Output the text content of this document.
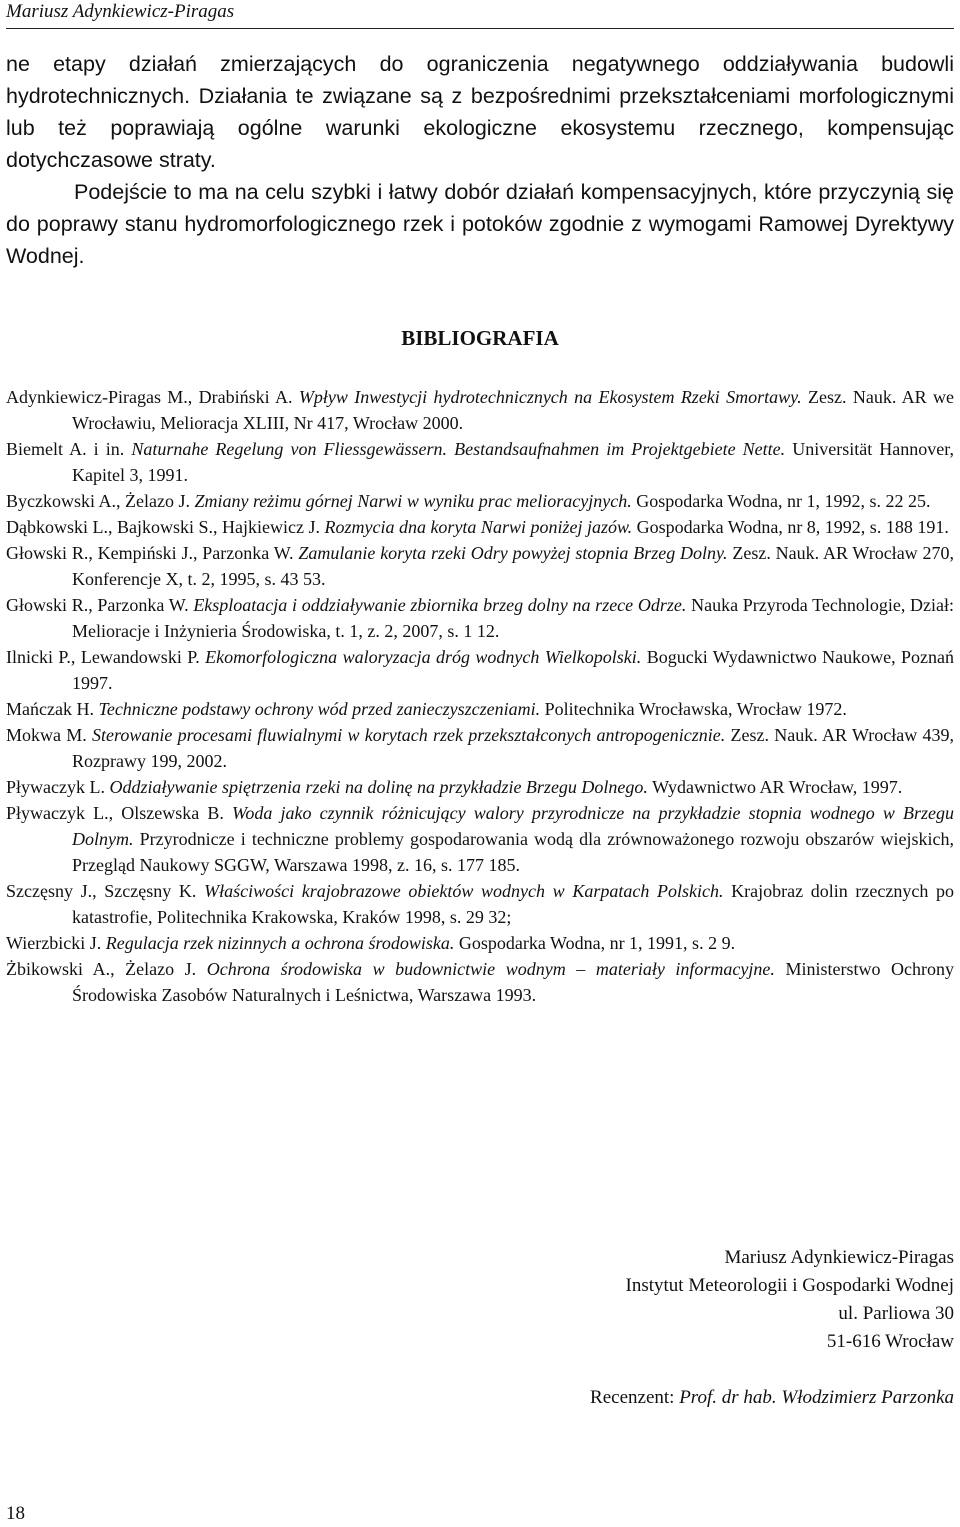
Mariusz Adynkiewicz-Piragas
ne etapy działań zmierzających do ograniczenia negatywnego oddziaływania budowli hydrotechnicznych. Działania te związane są z bezpośrednimi przekształceniami morfologicznymi lub też poprawiają ogólne warunki ekologiczne ekosystemu rzecznego, kompensując dotychczasowe straty.
Podejście to ma na celu szybki i łatwy dobór działań kompensacyjnych, które przyczynią się do poprawy stanu hydromorfologicznego rzek i potoków zgodnie z wymogami Ramowej Dyrektywy Wodnej.
BIBLIOGRAFIA
Adynkiewicz-Piragas M., Drabiński A. Wpływ Inwestycji hydrotechnicznych na Ekosystem Rzeki Smortawy. Zesz. Nauk. AR we Wrocławiu, Melioracja XLIII, Nr 417, Wrocław 2000.
Biemelt A. i in. Naturnahe Regelung von Fliessgewässern. Bestandsaufnahmen im Projektgebiete Nette. Universität Hannover, Kapitel 3, 1991.
Byczkowski A., Żelazo J. Zmiany reżimu górnej Narwi w wyniku prac melioracyjnych. Gospodarka Wodna, nr 1, 1992, s. 22 25.
Dąbkowski L., Bajkowski S., Hajkiewicz J. Rozmycia dna koryta Narwi poniżej jazów. Gospodarka Wodna, nr 8, 1992, s. 188 191.
Głowski R., Kempiński J., Parzonka W. Zamulanie koryta rzeki Odry powyżej stopnia Brzeg Dolny. Zesz. Nauk. AR Wrocław 270, Konferencje X, t. 2, 1995, s. 43 53.
Głowski R., Parzonka W. Eksploatacja i oddziaływanie zbiornika brzeg dolny na rzece Odrze. Nauka Przyroda Technologie, Dział: Melioracje i Inżynieria Środowiska, t. 1, z. 2, 2007, s. 1 12.
Ilnicki P., Lewandowski P. Ekomorfologiczna waloryzacja dróg wodnych Wielkopolski. Bogucki Wydawnictwo Naukowe, Poznań 1997.
Mańczak H. Techniczne podstawy ochrony wód przed zanieczyszczeniami. Politechnika Wrocławska, Wrocław 1972.
Mokwa M. Sterowanie procesami fluwialnymi w korytach rzek przekształconych antropogenicznie. Zesz. Nauk. AR Wrocław 439, Rozprawy 199, 2002.
Pływaczyk L. Oddziaływanie spiętrzenia rzeki na dolinę na przykładzie Brzegu Dolnego. Wydawnictwo AR Wrocław, 1997.
Pływaczyk L., Olszewska B. Woda jako czynnik różnicujący walory przyrodnicze na przykładzie stopnia wodnego w Brzegu Dolnym. Przyrodnicze i techniczne problemy gospodarowania wodą dla zrównoważonego rozwoju obszarów wiejskich, Przegląd Naukowy SGGW, Warszawa 1998, z. 16, s. 177 185.
Szczęsny J., Szczęsny K. Właściwości krajobrazowe obiektów wodnych w Karpatach Polskich. Krajobraz dolin rzecznych po katastrofie, Politechnika Krakowska, Kraków 1998, s. 29 32;
Wierzbicki J. Regulacja rzek nizinnych a ochrona środowiska. Gospodarka Wodna, nr 1, 1991, s. 2 9.
Żbikowski A., Żelazo J. Ochrona środowiska w budownictwie wodnym – materiały informacyjne. Ministerstwo Ochrony Środowiska Zasobów Naturalnych i Leśnictwa, Warszawa 1993.
Mariusz Adynkiewicz-Piragas
Instytut Meteorologii i Gospodarki Wodnej
ul. Parliowa 30
51-616 Wrocław
Recenzent: Prof. dr hab. Włodzimierz Parzonka
18
